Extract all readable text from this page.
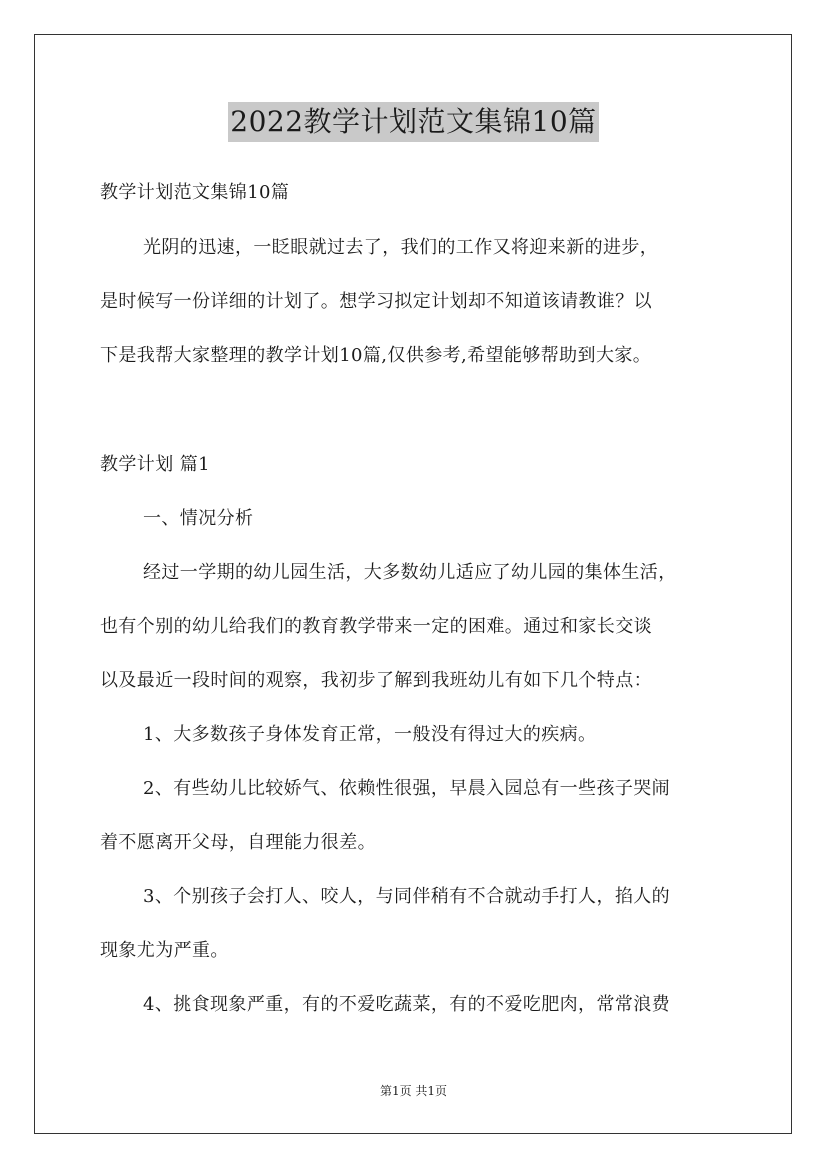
2022教学计划范文集锦10篇

教学计划范文集锦10篇

光阴的迅速，一眨眼就过去了，我们的工作又将迎来新的进步，

是时候写一份详细的计划了。想学习拟定计划却不知道该请教谁？以

下是我帮大家整理的教学计划10篇,仅供参考,希望能够帮助到大家。

教学计划 篇1

一、情况分析

经过一学期的幼儿园生活，大多数幼儿适应了幼儿园的集体生活，

也有个别的幼儿给我们的教育教学带来一定的困难。通过和家长交谈

以及最近一段时间的观察，我初步了解到我班幼儿有如下几个特点：

1、大多数孩子身体发育正常，一般没有得过大的疾病。

2、有些幼儿比较娇气、依赖性很强，早晨入园总有一些孩子哭闹

着不愿离开父母，自理能力很差。

3、个别孩子会打人、咬人，与同伴稍有不合就动手打人，掐人的

现象尤为严重。

4、挑食现象严重，有的不爱吃蔬菜，有的不爱吃肥肉，常常浪费

第1页 共1页
